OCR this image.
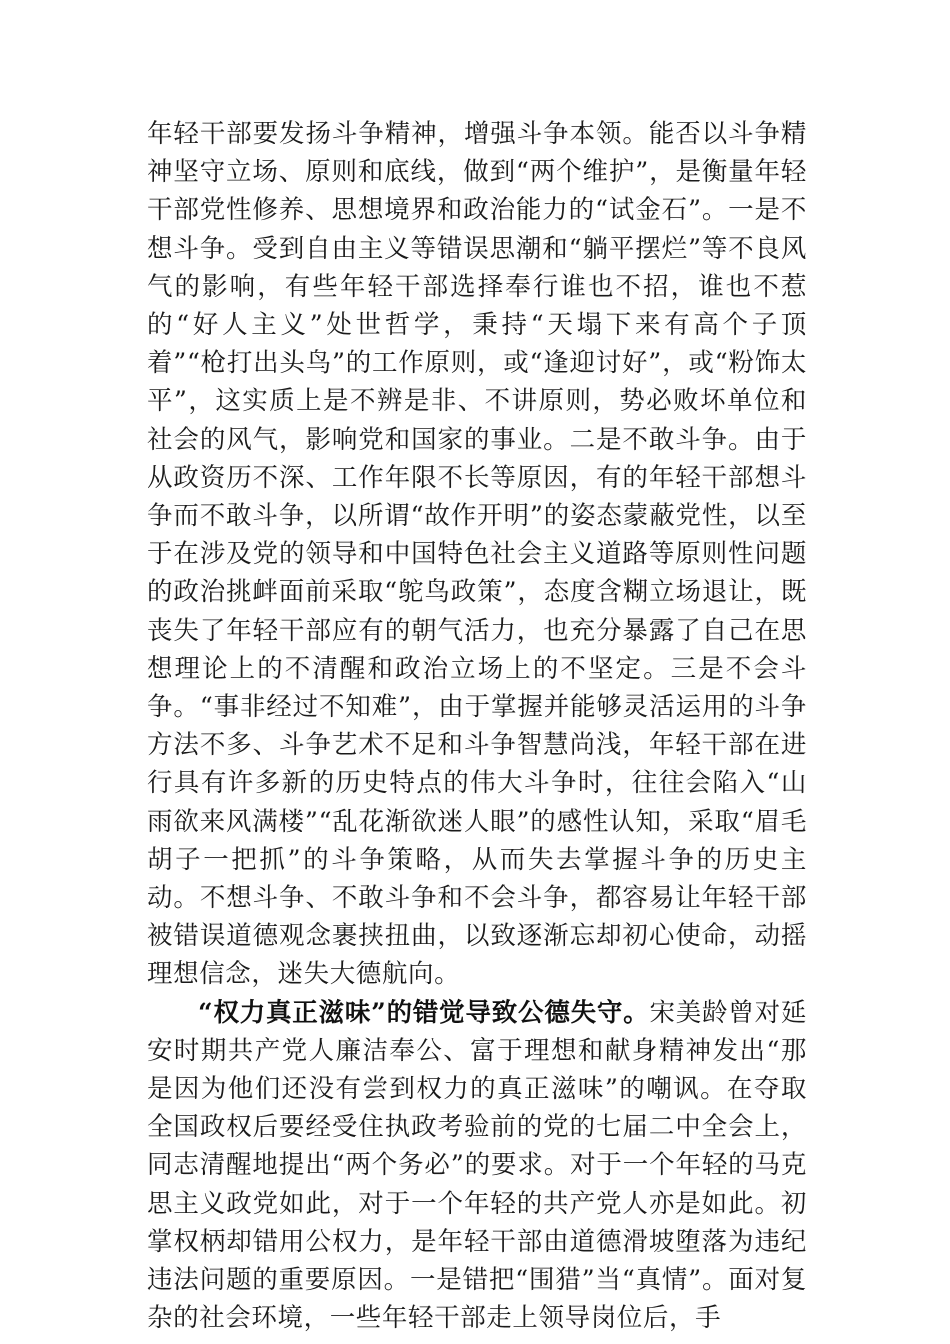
年轻干部要发扬斗争精神，增强斗争本领。能否以斗争精神坚守立场、原则和底线，做到“两个维护”，是衡量年轻干部党性修养、思想境界和政治能力的“试金石”。一是不想斗争。受到自由主义等错误思潮和“躺平摆烂”等不良风气的影响，有些年轻干部选择奉行谁也不招，谁也不惹的“好人主义”处世哲学，秉持“天塌下来有高个子顶着”“枪打出头鸟”的工作原则，或“逢迎讨好”，或“粉饰太平”，这实质上是不辨是非、不讲原则，势必败坏单位和社会的风气，影响党和国家的事业。二是不敢斗争。由于从政资历不深、工作年限不长等原因，有的年轻干部想斗争而不敢斗争，以所谓“故作开明”的姿态蒙蔽党性，以至于在涉及党的领导和中国特色社会主义道路等原则性问题的政治挑衅面前采取“鸵鸟政策”，态度含糊立场退让，既丧失了年轻干部应有的朝气活力，也充分暴露了自己在思想理论上的不清醒和政治立场上的不坚定。三是不会斗争。“事非经过不知难”，由于掌握并能够灵活运用的斗争方法不多、斗争艺术不足和斗争智慧尚浅，年轻干部在进行具有许多新的历史特点的伟大斗争时，往往会陷入“山雨欲来风满楼”“乱花渐欲迷人眼”的感性认知，采取“眉毛胡子一把抓”的斗争策略，从而失去掌握斗争的历史主动。不想斗争、不敢斗争和不会斗争，都容易让年轻干部被错误道德观念裹挟扭曲，以致逐渐忘却初心使命，动摇理想信念，迷失大德航向。

“权力真正滋味”的错觉导致公德失守。宋美龄曾对延安时期共产党人廉洁奉公、富于理想和献身精神发出“那是因为他们还没有尝到权力的真正滋味”的嘲讽。在夺取全国政权后要经受住执政考验前的党的七届二中全会上，同志清醒地提出“两个务必”的要求。对于一个年轻的马克思主义政党如此，对于一个年轻的共产党人亦是如此。初掌权柄却错用公权力，是年轻干部由道德滑坡堕落为违纪违法问题的重要原因。一是错把“围猎”当“真情”。面对复杂的社会环境，一些年轻干部走上领导岗位后，手
